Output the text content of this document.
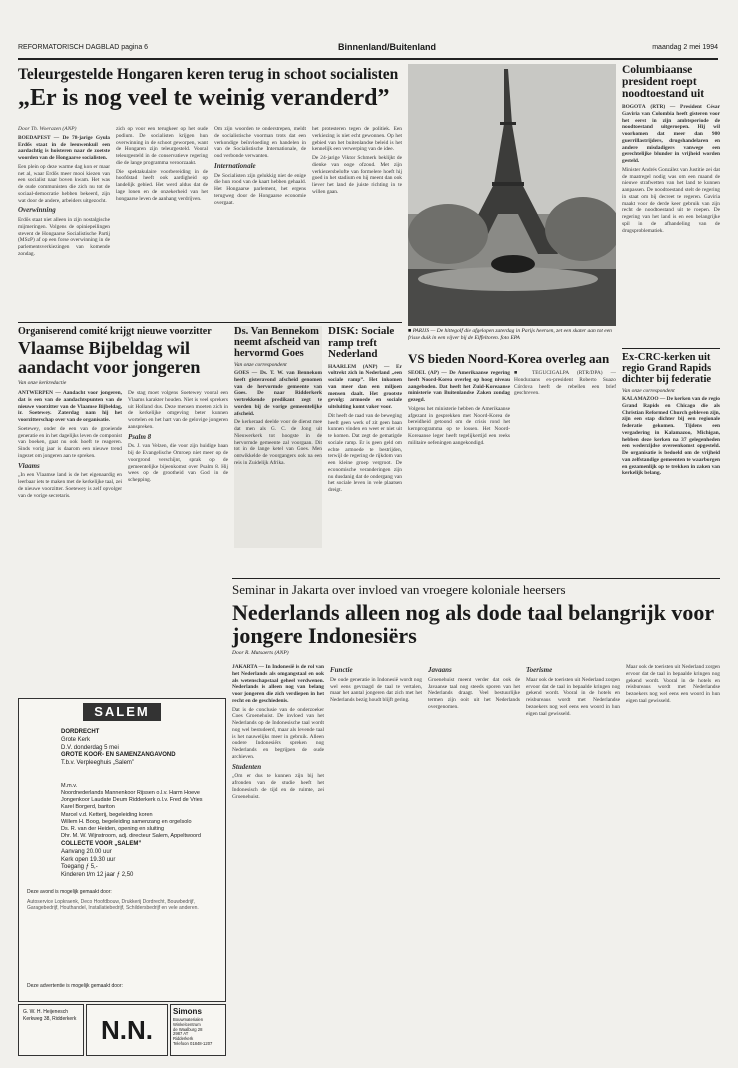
REFORMATORISCH DAGBLAD pagina 6	Binnenland/Buitenland	maandag 2 mei 1994
Teleurgestelde Hongaren keren terug in schoot socialisten
„Er is nog veel te weinig veranderd”

Door Th. Woerazen (ANP)

BOEDAPEST — De 78-jarige Gyula Erdős staat in de leeuwenkuil een aardachtig is hoisteren naar de zoetste woorden van de Hongaarse socialisten.

Een plein op deze warme dag kon er maar net al, waar Erdős meer mooi kiezen van een socialist naar boven kwam. Het was de oude communisten die zich nu tot de sociaal-democratie hebben bekeerd, zijn wat door de andere, arbeiders uitgezocht.

Overwinning

Erdős staat niet alleen in zijn nostalgische mijmeringen. Volgens de opiniepeilingen stevent de Hongaarse Socialistische Partij (MSzP) af op een forse overwinning in de parlementsverkiezingen van komende zondag.

zich op voor een terugkeer op het oude podium. De socialisten krijgen hun overwinning in de schoot geworpen, want de Hongaren zijn teleurgesteld. Vooral teleurgesteld in de conservatieve regering die de lange programma veroorzaakt.

Die spektakulaire voorbereiding in de hoofdstad heeft ook aardigheid op landelijk gebied. Het werd aldus dat de lage lonen en de onzekerheid van het hongaarse leven de aanhang verdrijven.

Om zijn woorden te onderstrepen, meldt de socialistische voorman trots dat een verkondige beïnvloeding en handelen in van de Socialistische Internationale, de oud verbonde verwanten.

Internationale

De Socialisten zijn gelukkig niet de enige die hun rood van de kaart hebben gehaald. Het Hongaarse parlement, het ergens terugweg door de Hongaarse economie overgaat.

het protesteren tegen de politiek. Een verkiezing is niet echt gewonnen. Op het gebied van het buitenlandse beleid is het kennelijk een verwerping van de idee.

De 24-jarige Viktor Schmerk beklijkt de dienke van ooge ofzoud. Met zijn verkiezersbelofte van formelere hoeft hij goed in het stadium en hij meent dan ook liever het land de juiste richting in te willen gaan.

■ PARIJS — De hittegolf die afgelopen zaterdag in Parijs heersen, zet een skater aan tot een frisse duik in een vijver bij de Eiffeltoren. foto EPA
Columbiaanse president roept noodtoestand uit

BOGOTÁ (RTR) — President César Gaviria van Colombia heeft gisteren voor het eerst in zijn ambtsperiode de noodtoestand uitgeroepen. Hij wil voorkomen dat meer dan 900 guerrillastrijders, drugshandelaren en andere misdadigers vanwege een gerechtelijke blunder in vrijheid worden gesteld.

Minister Andrés González van Justitie zei dat de maatregel nodig was om een maand de nieuwe strafwetten van het land te kunnen aanpassen. De noodtoestand stelt de regering in staat om bij decreet te regeren. Gaviria maakt voor de derde keer gebruik van zijn recht de noodtoestand uit te roepen. De regering van het land is en een belangrijke spil in de afhandeling van de drugsproblematiek.

Ex-CRC-kerken uit regio Grand Rapids dichter bij federatie
Van onze correspondent

KALAMAZOO — De kerken van de regio Grand Rapids en Chicago die als Christian Reformed Church gebleven zijn, zijn een stap dichter bij een regionale federatie gekomen. Tijdens een vergadering in Kalamazoo, Michigan, hebben deze kerken na 37 gelegenheden een wederzijdse overeenkomst opgesteld. De organisatie is bedoeld om de vrijheid van zelfstandige gemeenten te waarborgen en gezamenlijk op te trekken in zaken van kerkelijk belang.

Organiserend comité krijgt nieuwe voorzitter
Vlaamse Bijbeldag wil aandacht voor jongeren
Van onze kerkredactie

ANTWERPEN — Aandacht voor jongeren, dat is een van de aandachtspunten van de nieuwe voorzitter van de Vlaamse Bijbeldag, ir. Soetewey. Zaterdag nam hij het voorzitterschap over van de organisatie.

Soetewey, onder de een van de groeiende generatie en in het dagelijks leven de componist van boeken, gaat nu ook hoeft te reageren. Sinds vorig jaar is daarom een nieuwe trend ingezet om jongeren aan te spreken.

Vlaams

„In een Vlaamse land is de het eigenaardig en leerbaar iets te maken met de kerkelijke taal, zei de nieuwe voorzitter. Soetewey is zelf opvolger van de vorige secretaris.

De stag moet volgens Soetewey vooral een Vlaams karakter houden. Niet is veel sprekers uit Holland dus. Deze mensen moeten zich in de kerkelijke omgeving beter kunnen wortelen en het hart van de gelovige jongeren aanspreken.

Psalm 8

Ds. J. van Velzen, die voor zijn huidige baan bij de Evangelische Omroep niet meer op de voorgrond verschijnt, sprak op de gemeentelijke bijeenkomst over Psalm 8. Hij wees op de grootheid van God in de schepping.

Ds. Van Bennekom neemt afscheid van hervormd Goes
Van onze correspondent

GOES — Ds. T. W. van Bennekom heeft gisteravond afscheid genomen van de hervormde gemeente van Goes. De naar Ridderkerk vertrekkende predikant zegt te worden bij de vorige gemeentelijke afscheid.

De kerkeraad deelde voor de dienst mee dat men als G. C. de Jong uit Nieuwerkerk tot hoogste in de hervormde gemeente zal voorgaan. Dit tot in de lange ketel van Goes. Men ontwikkelde de voorgangers ook na een reis in Zuidelijk Afrika.

DISK: Sociale ramp treft Nederland

HAARLEM (ANP) — Er voltrekt zich in Nederland „een sociale ramp”. Het inkomen van meer dan een miljoen mensen daalt. Het grootste gevolg: armoede en sociale uitsluiting komt vaker voor.

Dit heeft de raad van de beweging heeft geen werk of zit geen baan kunnen vinden en weet er niet uit te komen. Dat zegt de gematigde sociale ramp. Er is geen geld om echte armoede te bestrijden, terwijl de regering de rijkdom van een kleine groep vergroot. De economische veranderingen zijn nu dusdanig dat de ondergang van het sociale leven in vele plaatsen dreigt.

VS bieden Noord-Korea overleg aan

SEOEL (AP) — De Amerikaanse regering heeft Noord-Korea overleg op hoog niveau aangeboden. Dat heeft het Zuid-Koreaanse ministerie van Buitenlandse Zaken zondag gezegd.

Volgens het ministerie hebben de Amerikaanse afgezant in gesprekken met Noord-Korea de bereidheid getoond om de crisis rond het kernprogramma op te lossen. Het Noord-Koreaanse leger heeft tegelijkertijd een reeks militaire oefeningen aangekondigd.

■ TEGUCIGALPA (RTR/DPA) — Honduraans ex-president Roberto Suazo Córdova heeft de rebellen een brief geschreven.

Seminar in Jakarta over invloed van vroegere koloniale heersers
Nederlands alleen nog als dode taal belangrijk voor jongere Indonesiërs
Door R. Mutsaerts (ANP)

JAKARTA — In Indonesië is de rol van het Nederlands als omgangstaal en ook als wetenschapstaal geheel verdwenen. Nederlands is alleen nog van belang voor jongeren die zich verdiepen in het recht en de geschiedenis.

Dat is de conclusie van de onderzoeker Coes Groenehuist. De invloed van het Nederlands op de Indonesische taal wordt nog wel bestudeerd, maar als levende taal is het nauwelijks meer in gebruik. Alleen oudere Indonesiërs spreken nog Nederlands en begrijpen de oude archieven.

Studenten

„Om er dus te kunnen zijn bij het afronden van de studie heeft het Indonesisch de tijd en de ruimte, zei Groenehuist.

Functie

De oude generatie in Indonesië wordt nog wel eens gevraagd de taal te vertalen, maar het aantal jongeren dat zich met het Nederlands bezig houdt blijft gering.

Javaans

Groenehuist meent verder dat ook de Javaanse taal nog steeds sporen van het Nederlands draagt. Veel bestuurlijke termen zijn ooit uit het Nederlands overgenomen.

Toerisme

Maar ook de toeristen uit Nederland zorgen ervoor dat de taal in bepaalde kringen nog gekend wordt. Vooral in de hotels en reisbureaus wordt met Nederlandse bezoekers nog wel eens een woord in hun eigen taal gewisseld.

Maar ook de toeristen uit Nederland zorgen ervoor dat de taal in bepaalde kringen nog gekend wordt. Vooral in de hotels en reisbureaus wordt met Nederlandse bezoekers nog wel eens een woord in hun eigen taal gewisseld.

SALEM
DORDRECHT
Grote Kerk
D.V. donderdag 5 mei
GROTE KOOR- EN SAMENZANGAVOND
T.b.v. Verpleeghuis „Salem”
M.m.v.
Noordnederlands Mannenkoor Rijssen o.l.v. Harm Hoeve
Jongenkoor Laudate Deum Ridderkerk o.l.v. Fred de Vries
Karel Borgerd, bariton
Marcel v.d. Ketterij, begeleiding koren
Willem H. Boog, begeleiding samenzang en orgelsolo
Ds. R. van der Heiden, opening en sluiting
Dhr. M. W. Wijnstroom, adj. directeur Salem, Appeltwoord
COLLECTE VOOR „SALEM”
Aanvang 20.00 uur
Kerk open 19.30 uur
Toegang ƒ 5,-
Kinderen t/m 12 jaar ƒ 2,50
Deze avond is mogelijk gemaakt door:
Autoservice Lopkraenk, Deco Hoofdbouw, Drukkerij Dordrecht, Bouwbedrijf, Garagebedrijf, Houthandel, Installatiebedrijf, Schildersbedrijf en vele anderen.
Deze advertentie is mogelijk gemaakt door:
G. W. H. Heijenesch
Kerkweg 38, Ridderkerk N.N.
Simons
Bouwmaterialen
Winkelcentrum
de Waalburg 28
2987 AT
Ridderkerk
Telefoon 01848-1207
